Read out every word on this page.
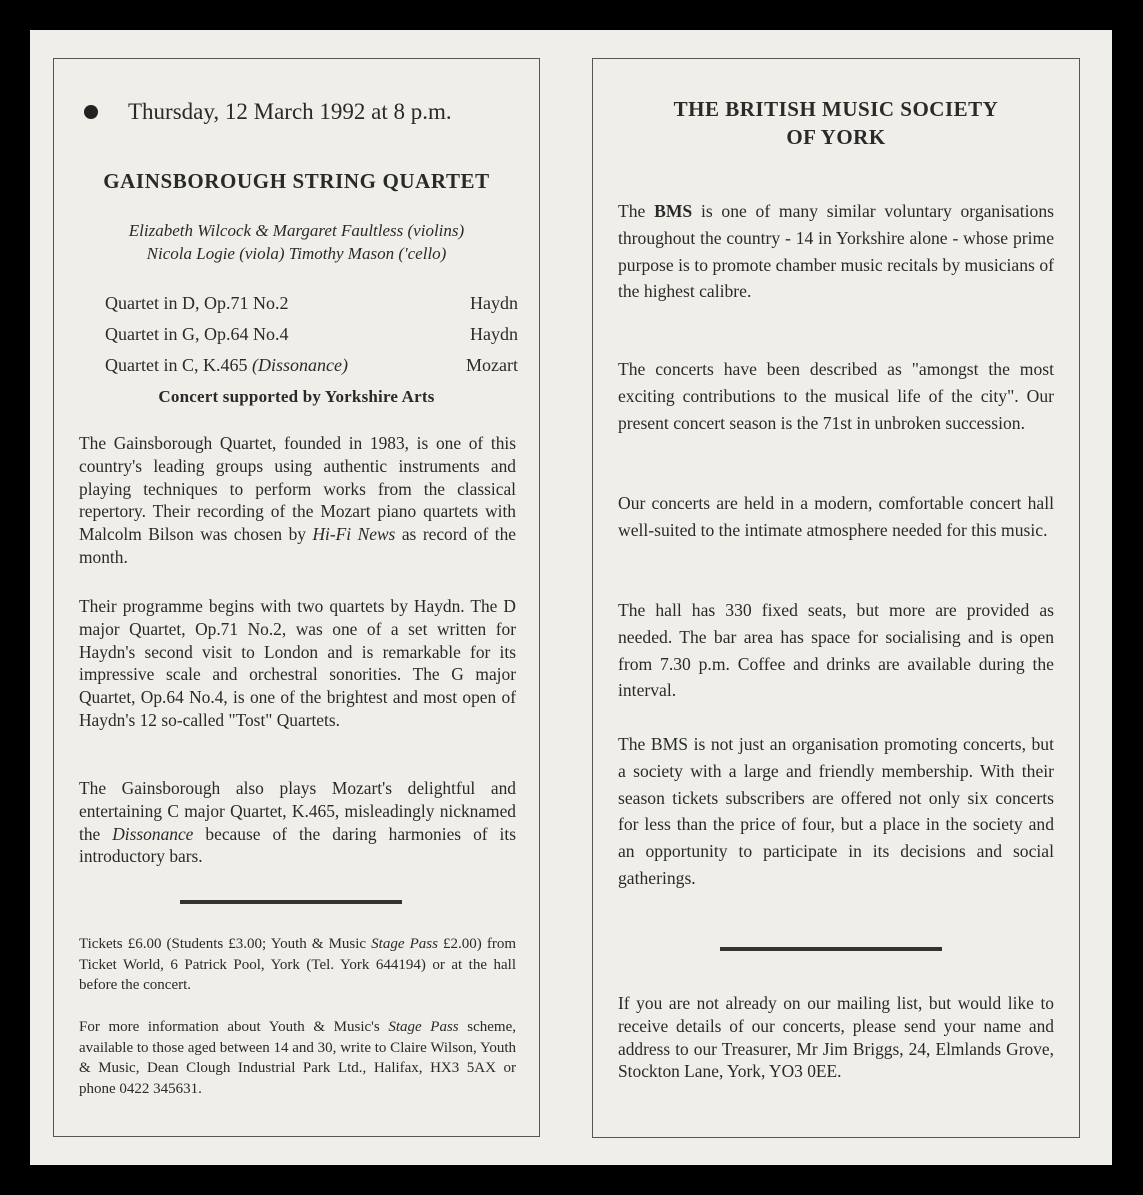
Thursday, 12 March 1992 at 8 p.m.
GAINSBOROUGH STRING QUARTET
Elizabeth Wilcock & Margaret Faultless (violins)
Nicola Logie (viola) Timothy Mason ('cello)
Quartet in D, Op.71 No.2	Haydn
Quartet in G, Op.64 No.4	Haydn
Quartet in C, K.465 (Dissonance)	Mozart
Concert supported by Yorkshire Arts
The Gainsborough Quartet, founded in 1983, is one of this country's leading groups using authentic instruments and playing techniques to perform works from the classical repertory. Their recording of the Mozart piano quartets with Malcolm Bilson was chosen by Hi-Fi News as record of the month.
Their programme begins with two quartets by Haydn. The D major Quartet, Op.71 No.2, was one of a set written for Haydn's second visit to London and is remarkable for its impressive scale and orchestral sonorities. The G major Quartet, Op.64 No.4, is one of the brightest and most open of Haydn's 12 so-called "Tost" Quartets.
The Gainsborough also plays Mozart's delightful and entertaining C major Quartet, K.465, misleadingly nicknamed the Dissonance because of the daring harmonies of its introductory bars.
Tickets £6.00 (Students £3.00; Youth & Music Stage Pass £2.00) from Ticket World, 6 Patrick Pool, York (Tel. York 644194) or at the hall before the concert.
For more information about Youth & Music's Stage Pass scheme, available to those aged between 14 and 30, write to Claire Wilson, Youth & Music, Dean Clough Industrial Park Ltd., Halifax, HX3 5AX or phone 0422 345631.
THE BRITISH MUSIC SOCIETY
OF YORK
The BMS is one of many similar voluntary organisations throughout the country - 14 in Yorkshire alone - whose prime purpose is to promote chamber music recitals by musicians of the highest calibre.
The concerts have been described as "amongst the most exciting contributions to the musical life of the city". Our present concert season is the 71st in unbroken succession.
Our concerts are held in a modern, comfortable concert hall well-suited to the intimate atmosphere needed for this music.
The hall has 330 fixed seats, but more are provided as needed. The bar area has space for socialising and is open from 7.30 p.m. Coffee and drinks are available during the interval.
The BMS is not just an organisation promoting concerts, but a society with a large and friendly membership. With their season tickets subscribers are offered not only six concerts for less than the price of four, but a place in the society and an opportunity to participate in its decisions and social gatherings.
If you are not already on our mailing list, but would like to receive details of our concerts, please send your name and address to our Treasurer, Mr Jim Briggs, 24, Elmlands Grove, Stockton Lane, York, YO3 0EE.
